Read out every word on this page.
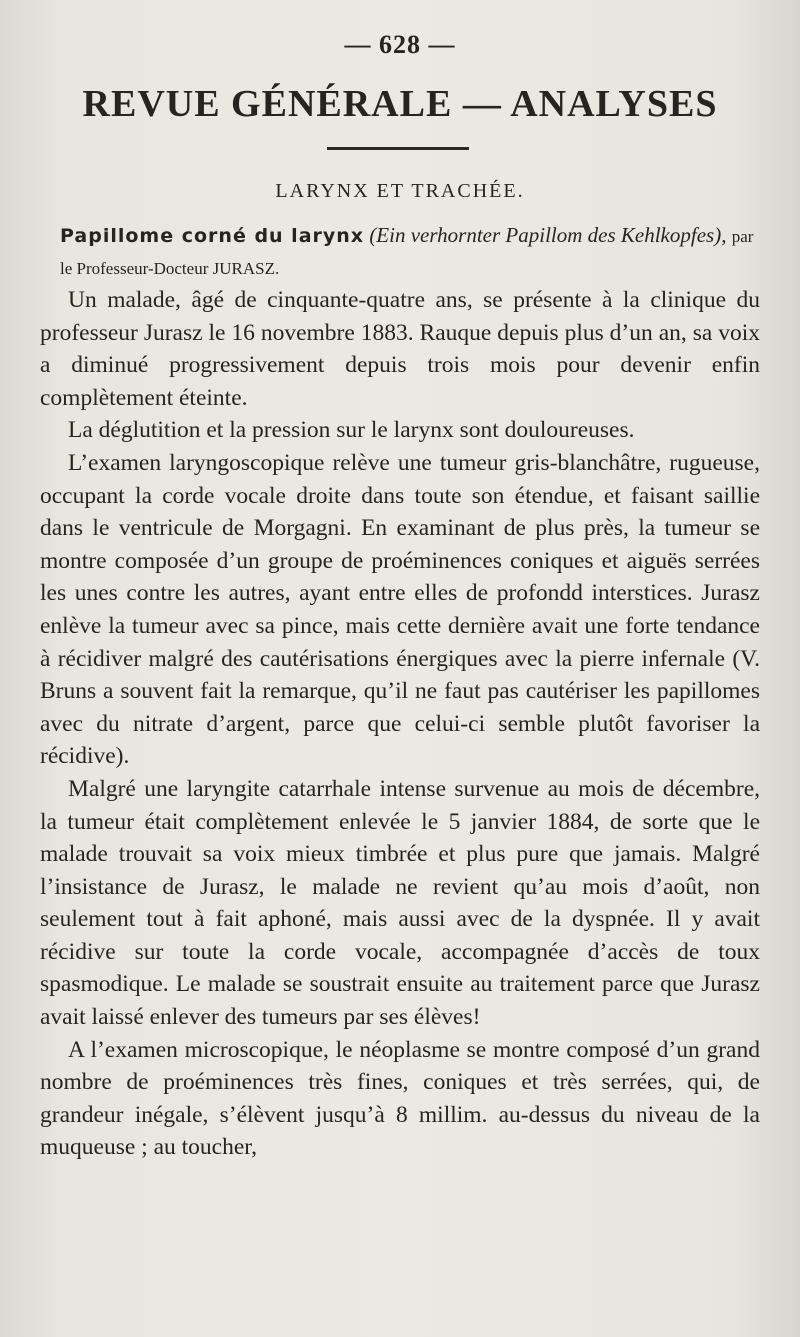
— 628 —
REVUE GÉNÉRALE — ANALYSES
LARYNX ET TRACHÉE.
Papillome corné du larynx (Ein verhornter Papillom des Kehlkopfes), par le Professeur-Docteur JURASZ.

Un malade, âgé de cinquante-quatre ans, se présente à la clinique du professeur Jurasz le 16 novembre 1883. Rauque depuis plus d’un an, sa voix a diminué progressivement depuis trois mois pour devenir enfin complètement éteinte.

La déglutition et la pression sur le larynx sont douloureuses.

L’examen laryngoscopique relève une tumeur gris-blanchâtre, rugueuse, occupant la corde vocale droite dans toute son étendue, et faisant saillie dans le ventricule de Morgagni. En examinant de plus près, la tumeur se montre composée d’un groupe de proéminences coniques et aiguës serrées les unes contre les autres, ayant entre elles de profondd interstices. Jurasz enlève la tumeur avec sa pince, mais cette dernière avait une forte tendance à récidiver malgré des cautérisations énergiques avec la pierre infernale (V. Bruns a souvent fait la remarque, qu’il ne faut pas cautériser les papillomes avec du nitrate d’argent, parce que celui-ci semble plutôt favoriser la récidive).

Malgré une laryngite catarrhale intense survenue au mois de décembre, la tumeur était complètement enlevée le 5 janvier 1884, de sorte que le malade trouvait sa voix mieux timbrée et plus pure que jamais. Malgré l’insistance de Jurasz, le malade ne revient qu’au mois d’août, non seulement tout à fait aphoné, mais aussi avec de la dyspnée. Il y avait récidive sur toute la corde vocale, accompagnée d’accès de toux spasmodique. Le malade se soustrait ensuite au traitement parce que Jurasz avait laissé enlever des tumeurs par ses élèves!

A l’examen microscopique, le néoplasme se montre composé d’un grand nombre de proéminences très fines, coniques et très serrées, qui, de grandeur inégale, s’élèvent jusqu’à 8 millim. au-dessus du niveau de la muqueuse ; au toucher,
